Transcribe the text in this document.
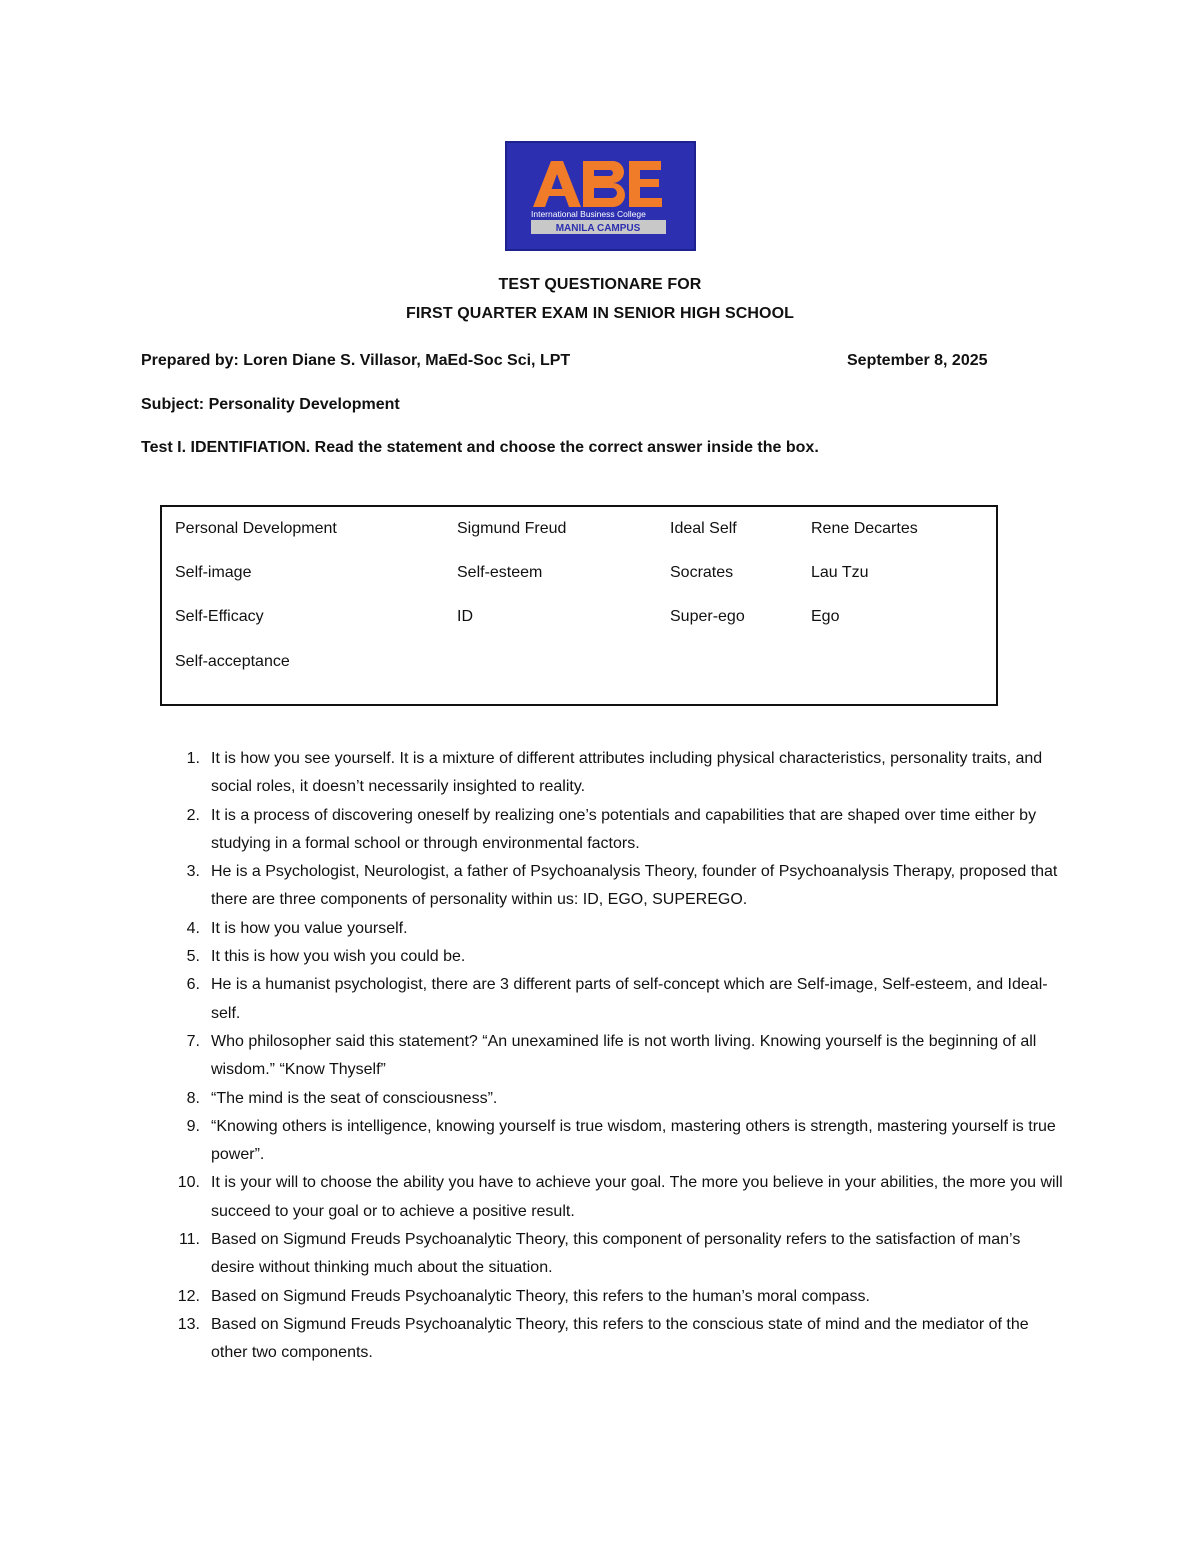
International Business College
MANILA CAMPUS
TEST QUESTIONARE FOR
FIRST QUARTER EXAM IN SENIOR HIGH SCHOOL
Prepared by: Loren Diane S. Villasor, MaEd-Soc Sci, LPT	September 8, 2025
Subject: Personality Development
Test I. IDENTIFIATION. Read the statement and choose the correct answer inside the box.
Personal Development	Sigmund Freud	Ideal Self	Rene Decartes
Self-image	Self-esteem	Socrates	Lau Tzu
Self-Efficacy	ID	Super-ego	Ego
Self-acceptance
1. It is how you see yourself. It is a mixture of different attributes including physical characteristics, personality traits, and social roles, it doesn’t necessarily insighted to reality.
2. It is a process of discovering oneself by realizing one’s potentials and capabilities that are shaped over time either by studying in a formal school or through environmental factors.
3. He is a Psychologist, Neurologist, a father of Psychoanalysis Theory, founder of Psychoanalysis Therapy, proposed that there are three components of personality within us: ID, EGO, SUPEREGO.
4. It is how you value yourself.
5. It this is how you wish you could be.
6. He is a humanist psychologist, there are 3 different parts of self-concept which are Self-image, Self-esteem, and Ideal-self.
7. Who philosopher said this statement? “An unexamined life is not worth living. Knowing yourself is the beginning of all wisdom.” “Know Thyself”
8. “The mind is the seat of consciousness”.
9. “Knowing others is intelligence, knowing yourself is true wisdom, mastering others is strength, mastering yourself is true power”.
10. It is your will to choose the ability you have to achieve your goal. The more you believe in your abilities, the more you will succeed to your goal or to achieve a positive result.
11. Based on Sigmund Freuds Psychoanalytic Theory, this component of personality refers to the satisfaction of man’s desire without thinking much about the situation.
12. Based on Sigmund Freuds Psychoanalytic Theory, this refers to the human’s moral compass.
13. Based on Sigmund Freuds Psychoanalytic Theory, this refers to the conscious state of mind and the mediator of the other two components.
